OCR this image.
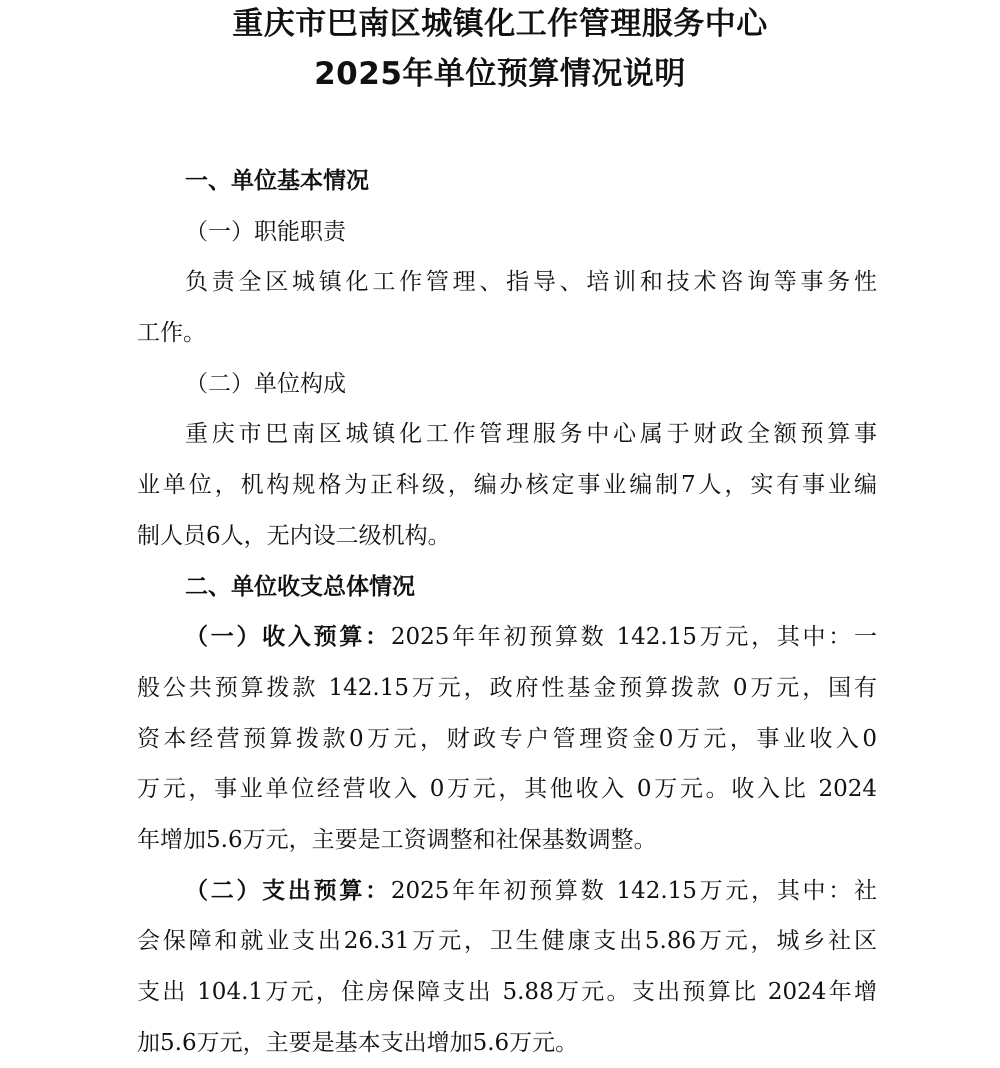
重庆市巴南区城镇化工作管理服务中心
2025年单位预算情况说明
一、单位基本情况
（一）职能职责
负责全区城镇化工作管理、指导、培训和技术咨询等事务性
工作。
（二）单位构成
重庆市巴南区城镇化工作管理服务中心属于财政全额预算事
业单位，机构规格为正科级，编办核定事业编制7人，实有事业编
制人员6人，无内设二级机构。
二、单位收支总体情况
（一）收入预算：2025年年初预算数 142.15万元，其中：一
般公共预算拨款 142.15万元，政府性基金预算拨款 0万元，国有
资本经营预算拨款0万元，财政专户管理资金0万元，事业收入0
万元，事业单位经营收入 0万元，其他收入 0万元。收入比 2024
年增加5.6万元，主要是工资调整和社保基数调整。
（二）支出预算：2025年年初预算数 142.15万元，其中：社
会保障和就业支出26.31万元，卫生健康支出5.86万元，城乡社区
支出 104.1万元，住房保障支出 5.88万元。支出预算比 2024年增
加5.6万元，主要是基本支出增加5.6万元。
